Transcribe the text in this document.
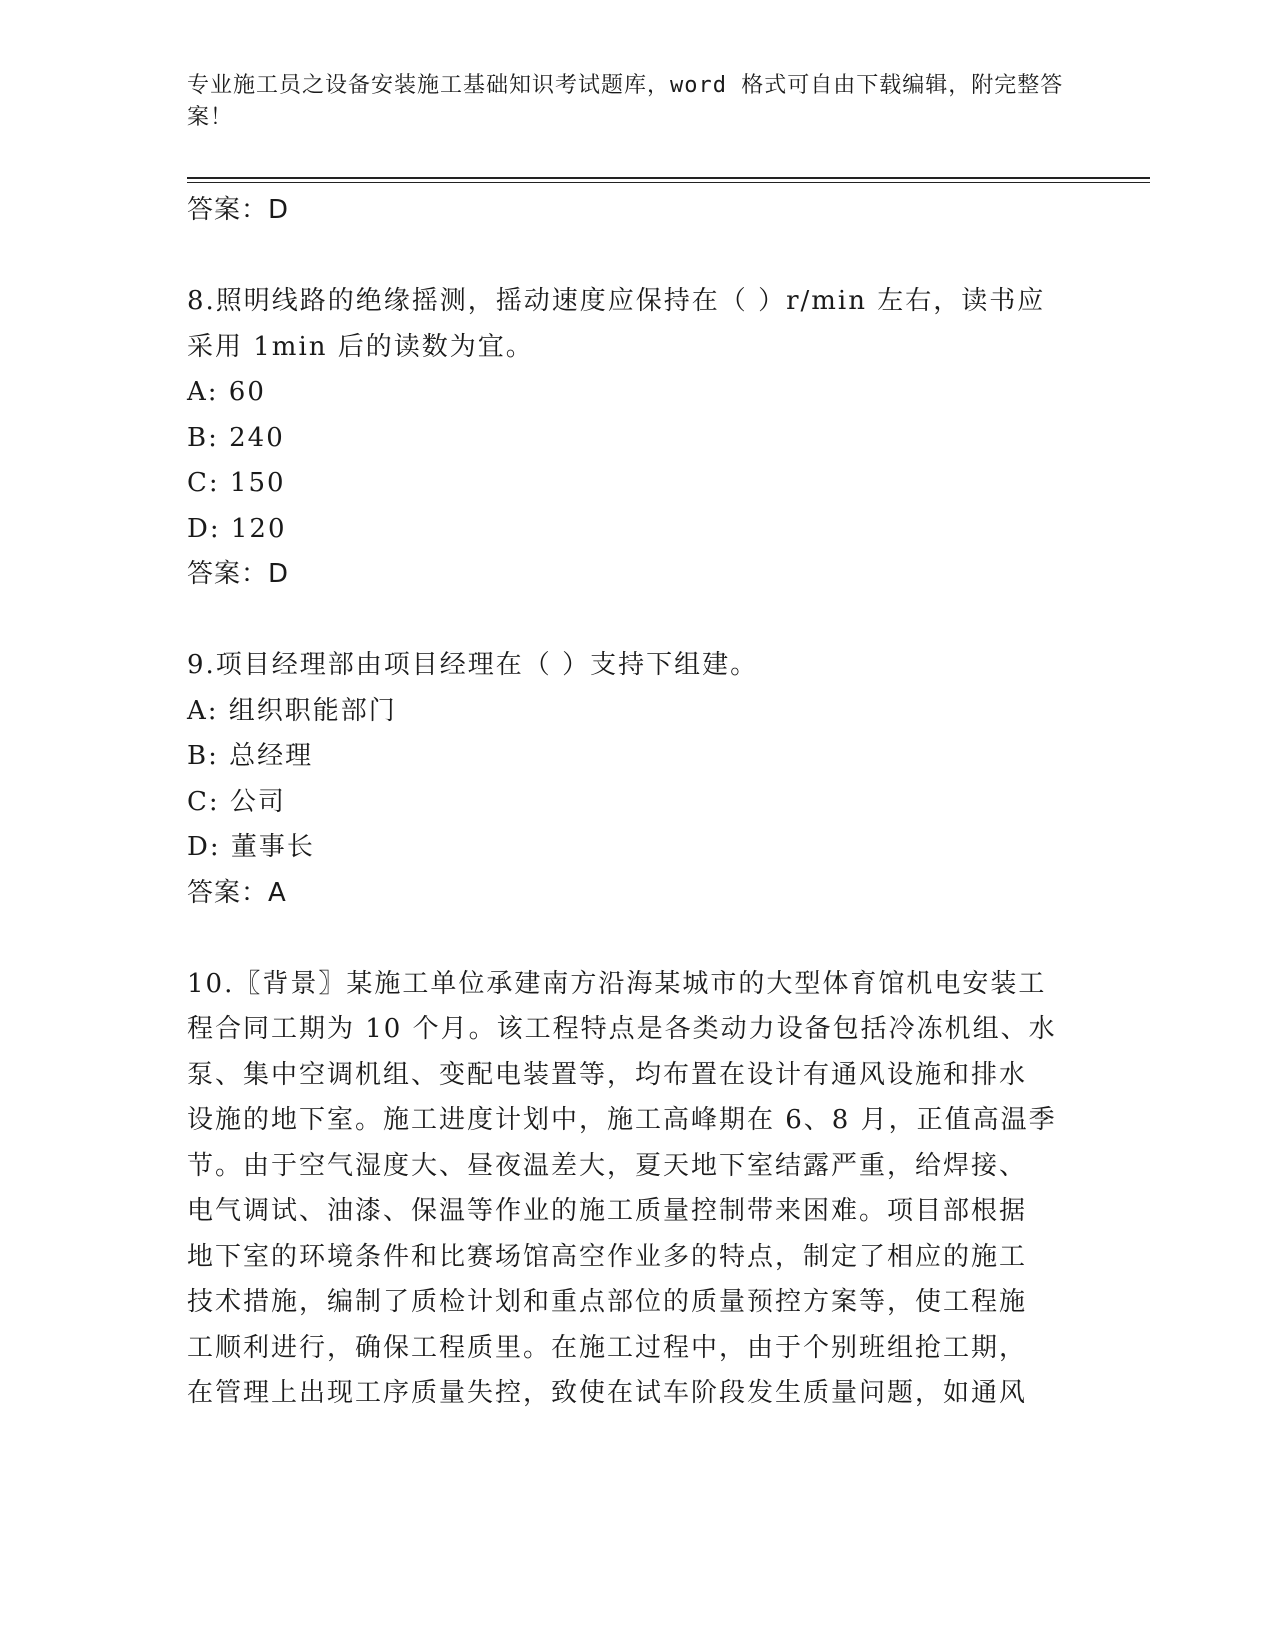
专业施工员之设备安装施工基础知识考试题库，word 格式可自由下载编辑，附完整答案！
答案：D
8.照明线路的绝缘摇测，摇动速度应保持在（ ）r/min 左右，读书应
采用 1min 后的读数为宜。
A: 60
B: 240
C: 150
D: 120
答案：D
9.项目经理部由项目经理在（ ）支持下组建。
A: 组织职能部门
B: 总经理
C: 公司
D: 董事长
答案：A
10.〖背景〗某施工单位承建南方沿海某城市的大型体育馆机电安装工
程合同工期为 10 个月。该工程特点是各类动力设备包括冷冻机组、水
泵、集中空调机组、变配电装置等，均布置在设计有通风设施和排水
设施的地下室。施工进度计划中，施工高峰期在 6、8 月，正值高温季
节。由于空气湿度大、昼夜温差大，夏天地下室结露严重，给焊接、
电气调试、油漆、保温等作业的施工质量控制带来困难。项目部根据
地下室的环境条件和比赛场馆高空作业多的特点，制定了相应的施工
技术措施，编制了质检计划和重点部位的质量预控方案等，使工程施
工顺利进行，确保工程质里。在施工过程中，由于个别班组抢工期，
在管理上出现工序质量失控，致使在试车阶段发生质量问题，如通风
